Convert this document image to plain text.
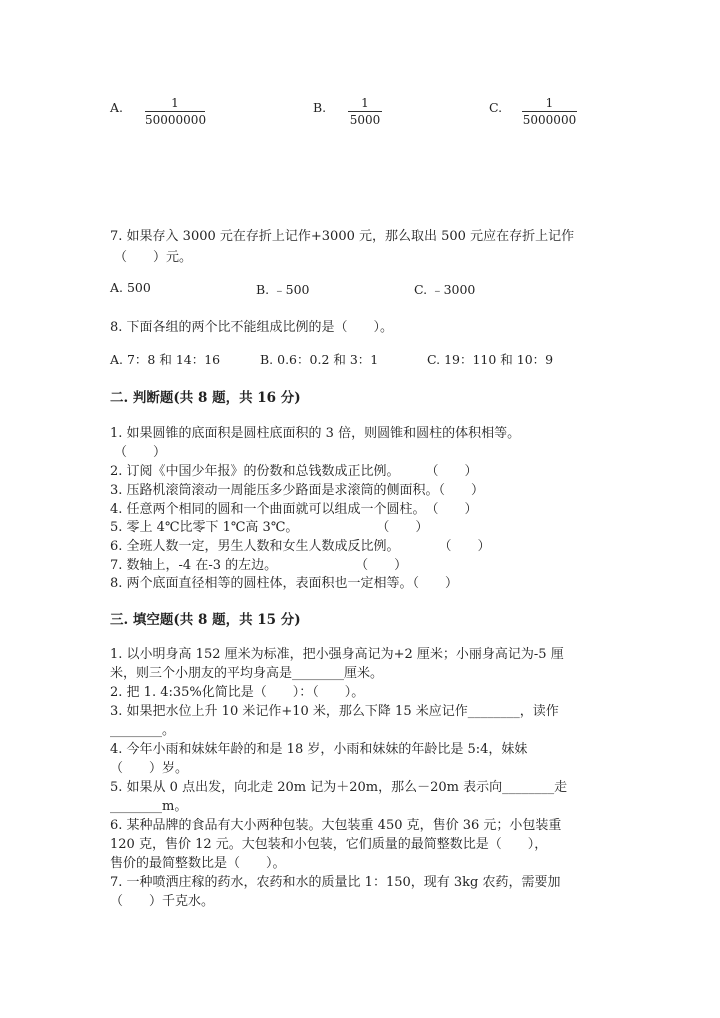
A. $\frac{1}{50000000}$	B. $\frac{1}{5000}$	C. $\frac{1}{5000000}$
7. 如果存入 3000 元在存折上记作+3000 元，那么取出 500 元应在存折上记作
（　　）元。
A. 500	B. ﹣500	C. ﹣3000
8. 下面各组的两个比不能组成比例的是（　　）。
A. 7：8 和 14：16	B. 0.6：0.2 和 3：1	C. 19：110 和 10：9
二. 判断题(共 8 题，共 16 分)
1. 如果圆锥的底面积是圆柱底面积的 3 倍，则圆锥和圆柱的体积相等。
（　　）
2. 订阅《中国少年报》的份数和总钱数成正比例。　　　（　　）
3. 压路机滚筒滚动一周能压多少路面是求滚筒的侧面积。（　　）
4. 任意两个相同的圆和一个曲面就可以组成一个圆柱。　（　　）
5. 零上 4℃比零下 1℃高 3℃。　　　　　　　（　　）
6. 全班人数一定，男生人数和女生人数成反比例。　　　　（　　）
7. 数轴上，-4 在-3 的左边。　　　　　　　（　　）
8. 两个底面直径相等的圆柱体，表面积也一定相等。（　　）
三. 填空题(共 8 题，共 15 分)
1. 以小明身高 152 厘米为标准，把小强身高记为+2 厘米；小丽身高记为-5 厘
米，则三个小朋友的平均身高是________厘米。
2. 把 1. 4:35%化简比是（　　）：（　　）。
3. 如果把水位上升 10 米记作+10 米，那么下降 15 米应记作________，读作
________。
4. 今年小雨和妹妹年龄的和是 18 岁，小雨和妹妹的年龄比是 5:4，妹妹
（　　）岁。
5. 如果从 0 点出发，向北走 20m 记为＋20m，那么－20m 表示向________走
________m。
6. 某种品牌的食品有大小两种包装。大包装重 450 克，售价 36 元；小包装重
120 克，售价 12 元。大包装和小包装，它们质量的最简整数比是（　　），
售价的最简整数比是（　　）。
7. 一种喷洒庄稼的药水，农药和水的质量比 1：150，现有 3kg 农药，需要加
（　　）千克水。
